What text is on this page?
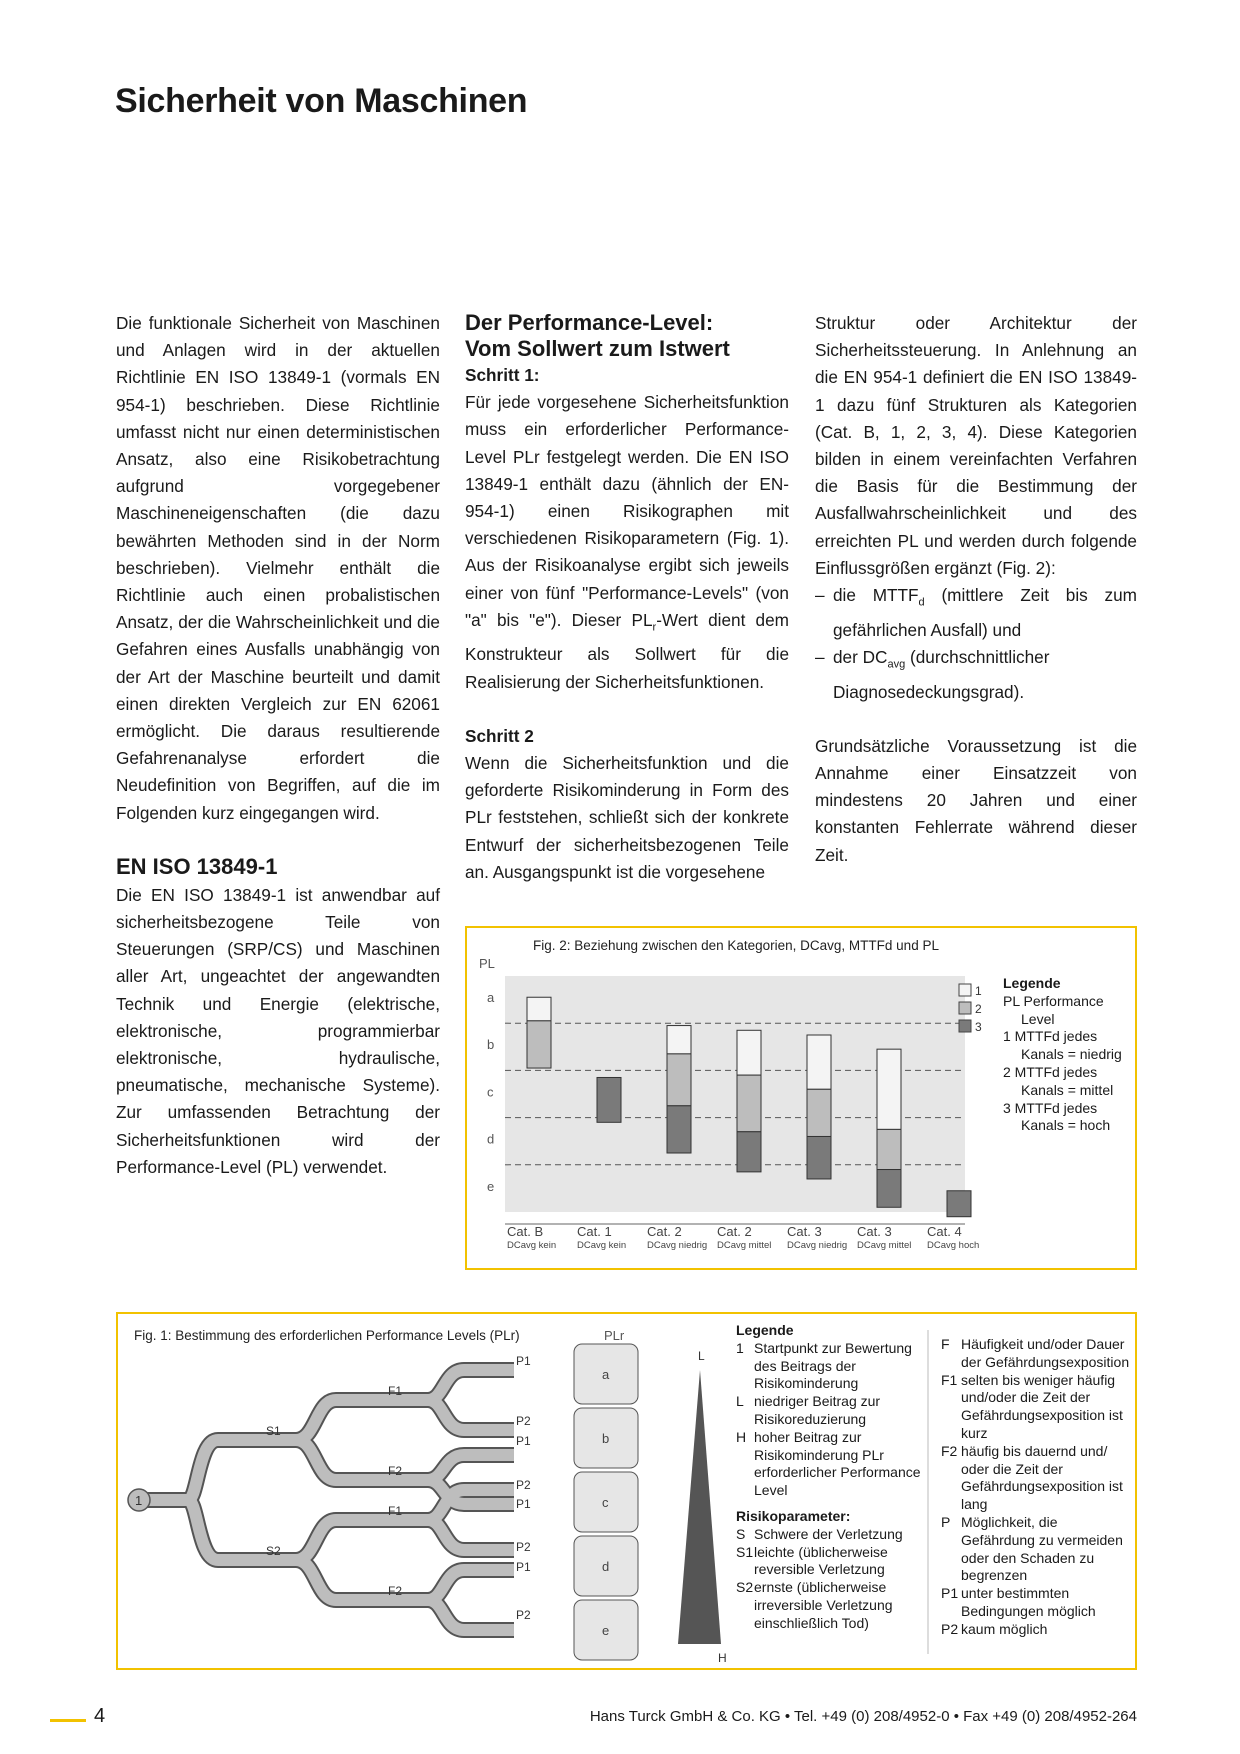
Sicherheit von Maschinen

Die funktionale Sicherheit von Maschinen und Anlagen wird in der aktuellen Richtlinie EN ISO 13849-1 (vormals EN 954-1) beschrieben. Diese Richtlinie umfasst nicht nur einen deterministischen Ansatz, also eine Risikobetrachtung aufgrund vorgegebener Maschineneigenschaften (die dazu bewährten Methoden sind in der Norm beschrieben). Vielmehr enthält die Richtlinie auch einen probalistischen Ansatz, der die Wahrscheinlichkeit und die Gefahren eines Ausfalls unabhängig von der Art der Maschine beurteilt und damit einen direkten Vergleich zur EN 62061 ermöglicht. Die daraus resultierende Gefahrenanalyse erfordert die Neudefinition von Begriffen, auf die im Folgenden kurz eingegangen wird.

EN ISO 13849-1

Die EN ISO 13849-1 ist anwendbar auf sicherheitsbezogene Teile von Steuerungen (SRP/CS) und Maschinen aller Art, ungeachtet der angewandten Technik und Energie (elektrische, elektronische, programmierbar elektronische, hydraulische, pneumatische, mechanische Systeme). Zur umfassenden Betrachtung der Sicherheitsfunktionen wird der Performance-Level (PL) verwendet.

Der Performance-Level:

Vom Sollwert zum Istwert

Schritt 1:

Für jede vorgesehene Sicherheitsfunktion muss ein erforderlicher Performance- Level PLr festgelegt werden. Die EN ISO 13849-1 enthält dazu (ähnlich der EN-954-1) einen Risikographen mit verschiedenen Risikoparametern (Fig. 1). Aus der Risikoanalyse ergibt sich jeweils einer von fünf "Performance-Levels" (von "a" bis "e"). Dieser $PL_r$-Wert dient dem Konstrukteur als Sollwert für die Realisierung der Sicherheitsfunktionen.

Schritt 2

Wenn die Sicherheitsfunktion und die geforderte Risikominderung in Form des PLr feststehen, schließt sich der konkrete Entwurf der sicherheitsbezogenen Teile an. Ausgangspunkt ist die vorgesehene

Struktur oder Architektur der Sicherheitssteuerung. In Anlehnung an die EN 954-1 definiert die EN ISO 13849-1 dazu fünf Strukturen als Kategorien (Cat. B, 1, 2, 3, 4). Diese Kategorien bilden in einem vereinfachten Verfahren die Basis für die Bestimmung der Ausfallwahrscheinlichkeit und des erreichten PL und werden durch folgende Einflussgrößen ergänzt (Fig. 2):

– die $MTTF_d$ (mittlere Zeit bis zum gefährlichen Ausfall) und

– der $DC_{avg}$ (durchschnittlicher Diagnosedeckungsgrad).

Grundsätzliche Voraussetzung ist die Annahme einer Einsatzzeit von mindestens 20 Jahren und einer konstanten Fehlerrate während dieser Zeit.

Fig. 2: Beziehung zwischen den Kategorien, DCavg, MTTFd und PL
PL
a
b
c
d
e
Cat. B
DCavg kein
Cat. 1
DCavg kein
Cat. 2
DCavg niedrig
Cat. 2
DCavg mittel
Cat. 3
DCavg niedrig
Cat. 3
DCavg mittel
Cat. 4
DCavg hoch
1
2
3
Legende
PL Performance
Level
1 MTTFd jedes
Kanals = niedrig
2 MTTFd jedes
Kanals = mittel
3 MTTFd jedes
Kanals = hoch
Fig. 1: Bestimmung des erforderlichen Performance Levels (PLr)
1
S1
S2
F1
F2
F1
F2
P1
P2
P1
P2
P1
P2
P1
P2
PLr
a
b
c
d
e
L
H
Legende
1 Startpunkt zur Bewertung des Beitrags der Risikominderung
L niedriger Beitrag zur Risikoreduzierung
H hoher Beitrag zur Risikominderung PLr erforderlicher Performance Level
Risikoparameter:
S Schwere der Verletzung
S1 leichte (üblicherweise reversible Verletzung
S2 ernste (üblicherweise irreversible Verletzung einschließlich Tod)
F Häufigkeit und/oder Dauer der Gefährdungsexposition
F1 selten bis weniger häufig und/oder die Zeit der Gefährdungsexposition ist kurz
F2 häufig bis dauernd und/ oder die Zeit der Gefährdungsexposition ist lang
P Möglichkeit, die Gefährdung zu vermeiden oder den Schaden zu begrenzen
P1 unter bestimmten Bedingungen möglich
P2 kaum möglich
4	Hans Turck GmbH & Co. KG • Tel. +49 (0) 208/4952-0 • Fax +49 (0) 208/4952-264
